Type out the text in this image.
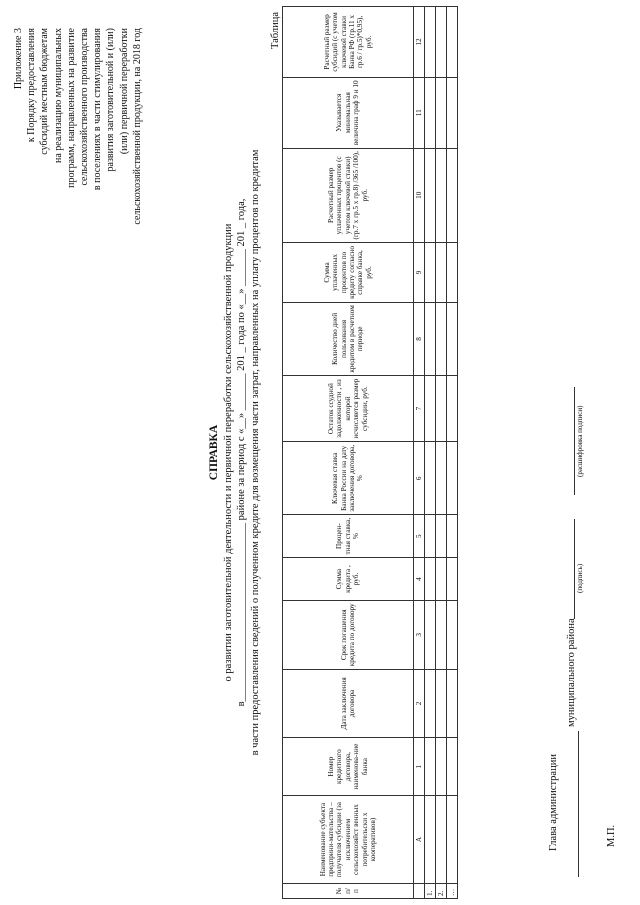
Приложение 3 к Порядку предоставления субсидий местным бюджетам на реализацию муниципальных программ, направленных на развитие сельскохозяйственного производства в поселениях в части стимулирования развития заготовительной и (или) (или) первичной переработки сельскохозяйственной продукции, на 2018 год
СПРАВКА о развитии заготовительной деятельности и первичной переработки сельскохозяйственной продукции в__________________________________ районе за период с «__» _______ 201 _ года по «__» _______ 201 _ года, в части предоставления сведений о полученном кредите для возмещения части затрат, направленных на уплату процентов по кредитам
Таблица
№ п/ п	Наименование субъекта предприни-мательства – получателя субсидии (за исключением сельскохозяйст венных потребительски х кооперативов)	Номер кредитного договора, наименова-ние банка	Дата заключения договора	Срок погашения кредита по договору	Сумма кредита , руб.	Процен-тная ставка, %	Ключевая ставка Банка России на дату заключения договора, %	Остаток ссудной задолженности , из которой исчисляется размер субсидии, руб.	Количество дней пользования кредитом в расчетном периоде	Сумма уплаченных процентов по кредиту согласно справке банка, руб.	Расчетный размер уплаченных процентов (с учетом ключевой ставки) (гр.7 x гр.5 x гр.8) /365 /100), руб.	Указывается минимальная величина граф 9 и 10	Расчетный размер субсидий (с учетом ключевой ставки Банка РФ (гр.11 x гр.6 / гр.5)*0,95), руб.
	А	1	2	3	4	5	6	7	8	9	10	11	12
1.													
2.													
…													
Глава администрации
муниципального района
(подпись)
(расшифровка подписи)
М.П.
